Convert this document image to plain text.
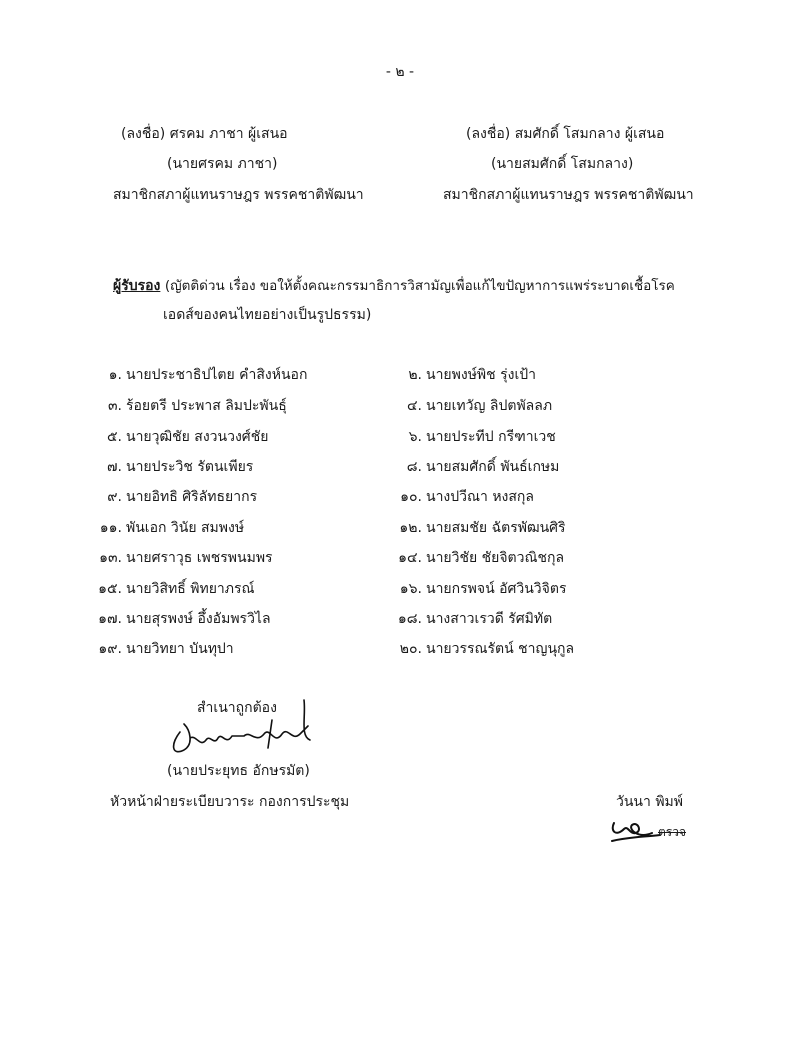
- ๒ -
(ลงชื่อ) ศรคม ภาชา ผู้เสนอ
(นายศรคม ภาชา)
สมาชิกสภาผู้แทนราษฎร พรรคชาติพัฒนา
(ลงชื่อ) สมศักดิ์ โสมกลาง ผู้เสนอ
(นายสมศักดิ์ โสมกลาง)
สมาชิกสภาผู้แทนราษฎร พรรคชาติพัฒนา
ผู้รับรอง (ญัตติด่วน เรื่อง ขอให้ตั้งคณะกรรมาธิการวิสามัญเพื่อแก้ไขปัญหาการแพร่ระบาดเชื้อโรค
เอดส์ของคนไทยอย่างเป็นรูปธรรม)
๑. นายประชาธิปไตย คำสิงห์นอก
๓. ร้อยตรี ประพาส ลิมปะพันธุ์
๕. นายวุฒิชัย สงวนวงศ์ชัย
๗. นายประวิช รัตนเพียร
๙. นายอิทธิ ศิริลัทธยากร
๑๑. พันเอก วินัย สมพงษ์
๑๓. นายศราวุธ เพชรพนมพร
๑๕. นายวิสิทธิ์ พิทยาภรณ์
๑๗. นายสุรพงษ์ อึ้งอัมพรวิไล
๑๙. นายวิทยา บันทุปา
๒. นายพงษ์พิช รุ่งเป้า
๔. นายเทวัญ ลิปตพัลลภ
๖. นายประทีป กรีฑาเวช
๘. นายสมศักดิ์ พันธ์เกษม
๑๐. นางปวีณา หงสกุล
๑๒. นายสมชัย ฉัตรพัฒนศิริ
๑๔. นายวิชัย ชัยจิตวณิชกุล
๑๖. นายกรพจน์ อัศวินวิจิตร
๑๘. นางสาวเรวดี รัศมิทัต
๒๐. นายวรรณรัตน์ ชาญนุกูล
สำเนาถูกต้อง
(นายประยุทธ อักษรมัต)
หัวหน้าฝ่ายระเบียบวาระ กองการประชุม	วันนา พิมพ์
ตรวจ
